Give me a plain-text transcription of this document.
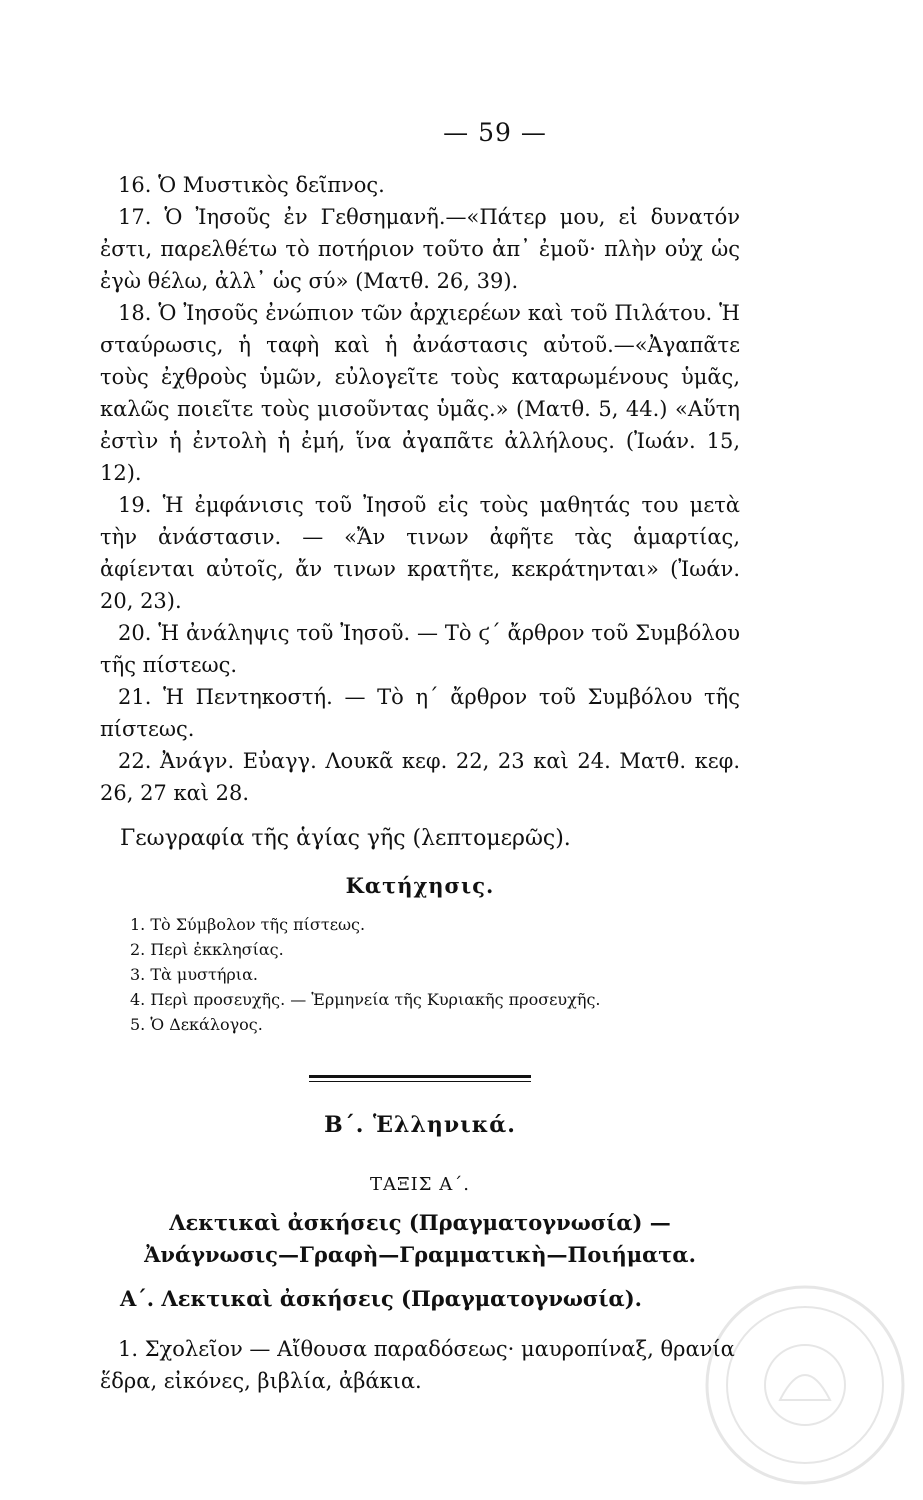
— 59 —

16. Ὁ Μυστικὸς δεῖπνος.

17. Ὁ Ἰησοῦς ἐν Γεθσημανῆ.—«Πάτερ μου, εἰ δυνατόν ἐστι, παρελθέτω τὸ ποτήριον τοῦτο ἀπ᾽ ἐμοῦ· πλὴν οὐχ ὡς ἐγὼ θέλω, ἀλλ᾽ ὡς σύ» (Ματθ. 26, 39).

18. Ὁ Ἰησοῦς ἐνώπιον τῶν ἀρχιερέων καὶ τοῦ Πιλάτου. Ἡ σταύρωσις, ἡ ταφὴ καὶ ἡ ἀνάστασις αὐτοῦ.—«Ἀγαπᾶτε τοὺς ἐχθροὺς ὑμῶν, εὐλογεῖτε τοὺς καταρωμένους ὑμᾶς, καλῶς ποιεῖτε τοὺς μισοῦντας ὑμᾶς.» (Ματθ. 5, 44.) «Αὕτη ἐστὶν ἡ ἐντολὴ ἡ ἐμή, ἵνα ἀγαπᾶτε ἀλλήλους. (Ἰωάν. 15, 12).

19. Ἡ ἐμφάνισις τοῦ Ἰησοῦ εἰς τοὺς μαθητάς του μετὰ τὴν ἀνάστασιν. — «Ἄν τινων ἀφῆτε τὰς ἁμαρτίας, ἀφίενται αὐτοῖς, ἄν τινων κρατῆτε, κεκράτηνται» (Ἰωάν. 20, 23).

20. Ἡ ἀνάληψις τοῦ Ἰησοῦ. — Τὸ ϛ΄ ἄρθρον τοῦ Συμβόλου τῆς πίστεως.

21. Ἡ Πεντηκοστή. — Τὸ η΄ ἄρθρον τοῦ Συμβόλου τῆς πίστεως.

22. Ἀνάγν. Εὐαγγ. Λουκᾶ κεφ. 22, 23 καὶ 24. Ματθ. κεφ. 26, 27 καὶ 28.

Γεωγραφία τῆς ἁγίας γῆς (λεπτομερῶς).

Κατήχησις.
1. Τὸ Σύμβολον τῆς πίστεως.
2. Περὶ ἐκκλησίας.
3. Τὰ μυστήρια.
4. Περὶ προσευχῆς. — Ἑρμηνεία τῆς Κυριακῆς προσευχῆς.
5. Ὁ Δεκάλογος.
Β΄. Ἑλληνικά.
ΤΑΞΙΣ Α΄.
Λεκτικαὶ ἀσκήσεις (Πραγματογνωσία) — Ἀνάγνωσις—Γραφὴ—Γραμματικὴ—Ποιήματα.
Α΄. Λεκτικαὶ ἀσκήσεις (Πραγματογνωσία).

1. Σχολεῖον — Αἴθουσα παραδόσεως· μαυροπίναξ, θρανία ἕδρα, εἰκόνες, βιβλία, ἀβάκια.
